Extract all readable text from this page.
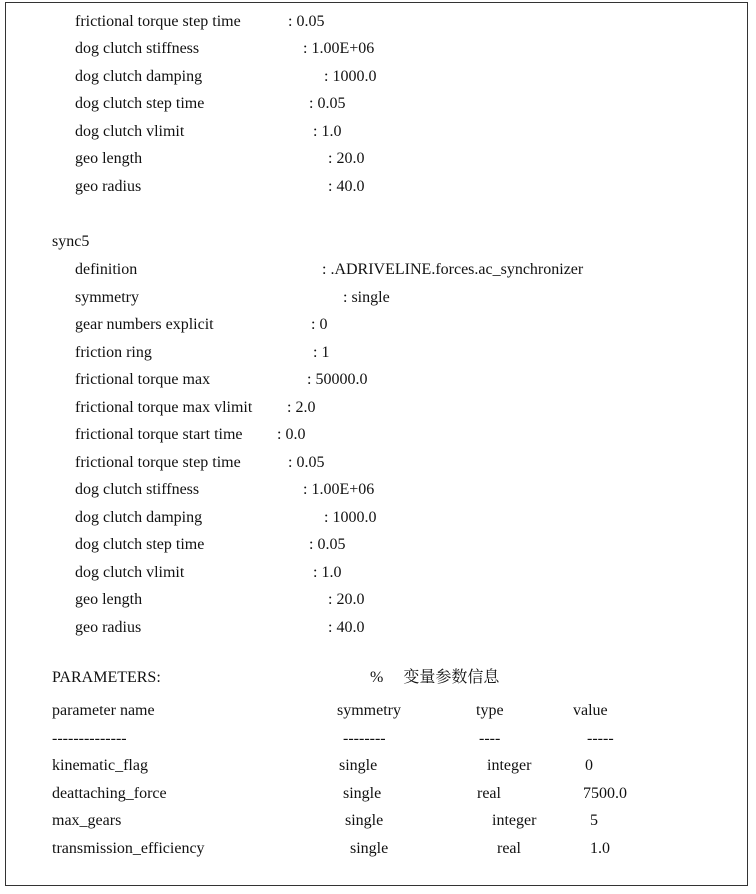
frictional torque step time	: 0.05
dog clutch stiffness	: 1.00E+06
dog clutch damping	: 1000.0
dog clutch step time	: 0.05
dog clutch vlimit	: 1.0
geo length	: 20.0
geo radius	: 40.0
sync5
definition	: .ADRIVELINE.forces.ac_synchronizer
symmetry	: single
gear numbers explicit	: 0
friction ring	: 1
frictional torque max	: 50000.0
frictional torque max vlimit : 2.0
frictional torque start time : 0.0
frictional torque step time	: 0.05
dog clutch stiffness	: 1.00E+06
dog clutch damping	: 1000.0
dog clutch step time	: 0.05
dog clutch vlimit	: 1.0
geo length	: 20.0
geo radius	: 40.0
PARAMETERS:	%     变量参数信息
parameter name	symmetry	type	value
--------------	--------	----	-----
kinematic_flag	single	integer	0
deattaching_force	single	real	7500.0
max_gears	single	integer	5
transmission_efficiency	single	real	1.0
